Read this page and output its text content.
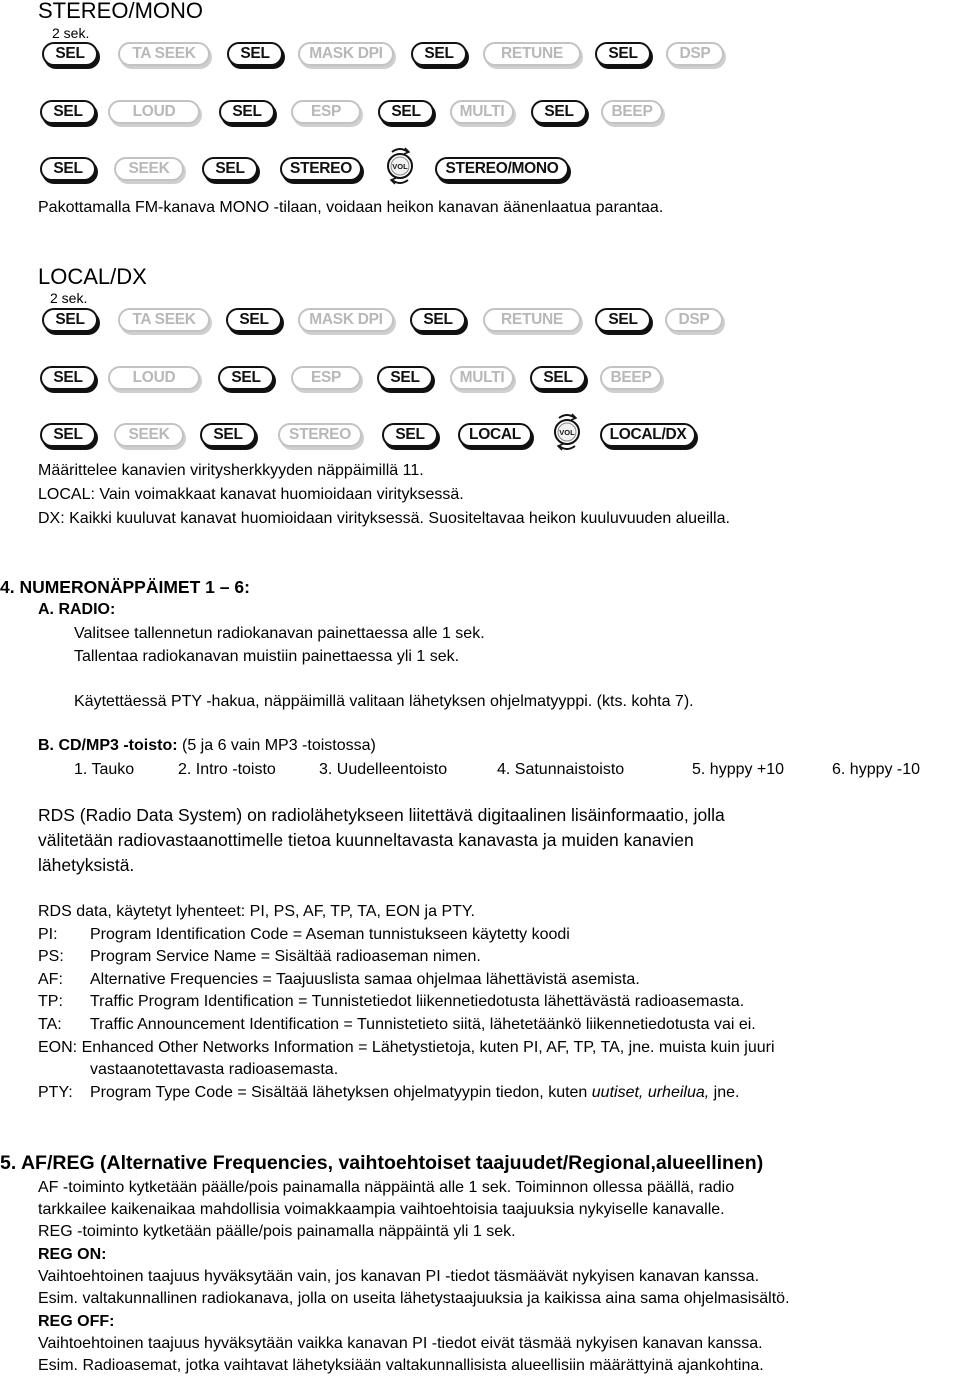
STEREO/MONO
2 sek.
SEL	TA SEEK	SEL	MASK DPI	SEL	RETUNE	SEL	DSP
SEL	LOUD	SEL	ESP	SEL	MULTI	SEL	BEEP
SEL	SEEK	SEL	STEREO	VOL	STEREO/MONO
Pakottamalla FM-kanava MONO -tilaan, voidaan heikon kanavan äänenlaatua parantaa.
LOCAL/DX
2 sek.
SEL	TA SEEK	SEL	MASK DPI	SEL	RETUNE	SEL	DSP
SEL	LOUD	SEL	ESP	SEL	MULTI	SEL	BEEP
SEL	SEEK	SEL	STEREO	SEL	LOCAL	VOL	LOCAL/DX
Määrittelee kanavien viritysherkkyyden näppäimillä 11.
LOCAL: Vain voimakkaat kanavat huomioidaan virityksessä.
DX: Kaikki kuuluvat kanavat huomioidaan virityksessä. Suositeltavaa heikon kuuluvuuden alueilla.
4. NUMERONÄPPÄIMET 1 – 6:
A. RADIO:
Valitsee tallennetun radiokanavan painettaessa alle 1 sek.
Tallentaa radiokanavan muistiin painettaessa yli 1 sek.
Käytettäessä PTY -hakua, näppäimillä valitaan lähetyksen ohjelmatyyppi. (kts. kohta 7).
B. CD/MP3 -toisto: (5 ja 6 vain MP3 -toistossa)
1. Tauko	2. Intro -toisto	3. Uudelleentoisto	4. Satunnaistoisto	5. hyppy +10	6. hyppy -10
RDS (Radio Data System) on radiolähetykseen liitettävä digitaalinen lisäinformaatio, jolla
välitetään radiovastaanottimelle tietoa kuunneltavasta kanavasta ja muiden kanavien
lähetyksistä.
RDS data, käytetyt lyhenteet: PI, PS, AF, TP, TA, EON ja PTY.
PI:	Program Identification Code = Aseman tunnistukseen käytetty koodi
PS:	Program Service Name = Sisältää radioaseman nimen.
AF:	Alternative Frequencies = Taajuuslista samaa ohjelmaa lähettävistä asemista.
TP:	Traffic Program Identification = Tunnistetiedot liikennetiedotusta lähettävästä radioasemasta.
TA:	Traffic Announcement Identification = Tunnistetieto siitä, lähetetäänkö liikennetiedotusta vai ei.
EON: Enhanced Other Networks Information = Lähetystietoja, kuten PI, AF, TP, TA, jne. muista kuin juuri
vastaanotettavasta radioasemasta.
PTY:	Program Type Code = Sisältää lähetyksen ohjelmatyypin tiedon, kuten uutiset, urheilua, jne.
5. AF/REG (Alternative Frequencies, vaihtoehtoiset taajuudet/Regional,alueellinen)
AF -toiminto kytketään päälle/pois painamalla näppäintä alle 1 sek. Toiminnon ollessa päällä, radio
tarkkailee kaikenaikaa mahdollisia voimakkaampia vaihtoehtoisia taajuuksia nykyiselle kanavalle.
REG -toiminto kytketään päälle/pois painamalla näppäintä yli 1 sek.
REG ON:
Vaihtoehtoinen taajuus hyväksytään vain, jos kanavan PI -tiedot täsmäävät nykyisen kanavan kanssa.
Esim. valtakunnallinen radiokanava, jolla on useita lähetystaajuuksia ja kaikissa aina sama ohjelmasisältö.
REG OFF:
Vaihtoehtoinen taajuus hyväksytään vaikka kanavan PI -tiedot eivät täsmää nykyisen kanavan kanssa.
Esim. Radioasemat, jotka vaihtavat lähetyksiään valtakunnallisista alueellisiin määrättyinä ajankohtina.
